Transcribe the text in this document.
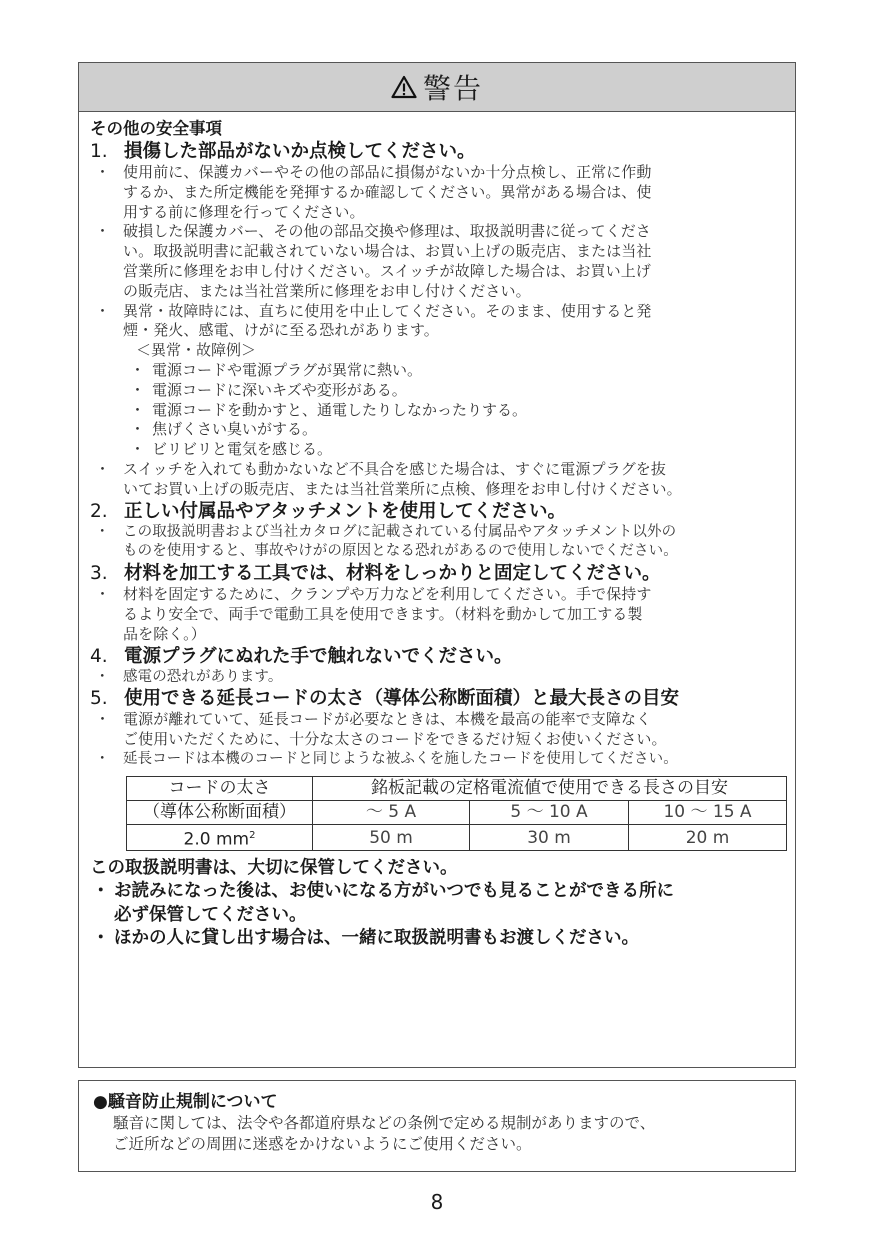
警告
その他の安全事項
1. 損傷した部品がないか点検してください。
・ 使用前に、保護カバーやその他の部品に損傷がないか十分点検し、正常に作動
するか、また所定機能を発揮するか確認してください。異常がある場合は、使
用する前に修理を行ってください。
・ 破損した保護カバー、その他の部品交換や修理は、取扱説明書に従ってくださ
い。取扱説明書に記載されていない場合は、お買い上げの販売店、または当社
営業所に修理をお申し付けください。スイッチが故障した場合は、お買い上げ
の販売店、または当社営業所に修理をお申し付けください。
・ 異常・故障時には、直ちに使用を中止してください。そのまま、使用すると発
煙・発火、感電、けがに至る恐れがあります。
＜異常・故障例＞
・ 電源コードや電源プラグが異常に熱い。
・ 電源コードに深いキズや変形がある。
・ 電源コードを動かすと、通電したりしなかったりする。
・ 焦げくさい臭いがする。
・ ビリビリと電気を感じる。
・ スイッチを入れても動かないなど不具合を感じた場合は、すぐに電源プラグを抜
いてお買い上げの販売店、または当社営業所に点検、修理をお申し付けください。
2. 正しい付属品やアタッチメントを使用してください。
・ この取扱説明書および当社カタログに記載されている付属品やアタッチメント以外の
ものを使用すると、事故やけがの原因となる恐れがあるので使用しないでください。
3. 材料を加工する工具では、材料をしっかりと固定してください。
・ 材料を固定するために、クランプや万力などを利用してください。手で保持す
るより安全で、両手で電動工具を使用できます。（材料を動かして加工する製
品を除く。）
4. 電源プラグにぬれた手で触れないでください。
・ 感電の恐れがあります。
5. 使用できる延長コードの太さ（導体公称断面積）と最大長さの目安
・ 電源が離れていて、延長コードが必要なときは、本機を最高の能率で支障なく
ご使用いただくために、十分な太さのコードをできるだけ短くお使いください。
・ 延長コードは本機のコードと同じような被ふくを施したコードを使用してください。
コードの太さ	銘板記載の定格電流値で使用できる長さの目安		
（導体公称断面積）	～ 5 A	5 ～ 10 A	10 ～ 15 A
2.0 $mm^2$	50 m	30 m	20 m
この取扱説明書は、大切に保管してください。
・ お読みになった後は、お使いになる方がいつでも見ることができる所に
必ず保管してください。
・ ほかの人に貸し出す場合は、一緒に取扱説明書もお渡しください。
●騒音防止規制について
騒音に関しては、法令や各都道府県などの条例で定める規制がありますので、
ご近所などの周囲に迷惑をかけないようにご使用ください。
8
